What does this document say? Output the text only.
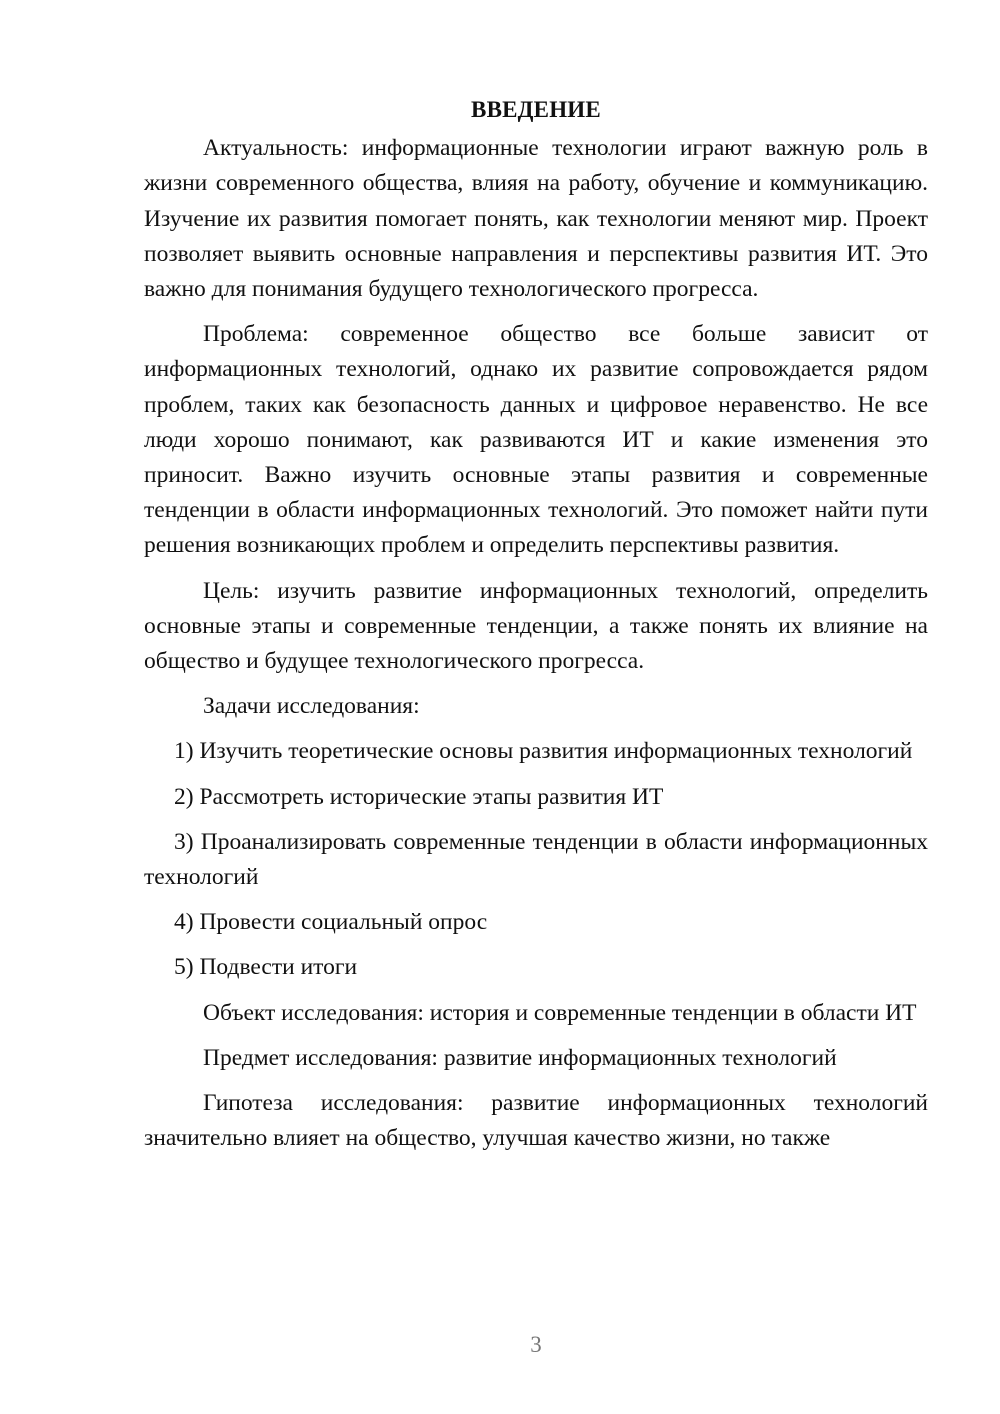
ВВЕДЕНИЕ

Актуальность: информационные технологии играют важную роль в жизни современного общества, влияя на работу, обучение и коммуникацию. Изучение их развития помогает понять, как технологии меняют мир. Проект позволяет выявить основные направления и перспективы развития ИТ. Это важно для понимания будущего технологического прогресса.

Проблема: современное общество все больше зависит от информационных технологий, однако их развитие сопровождается рядом проблем, таких как безопасность данных и цифровое неравенство. Не все люди хорошо понимают, как развиваются ИТ и какие изменения это приносит. Важно изучить основные этапы развития и современные тенденции в области информационных технологий. Это поможет найти пути решения возникающих проблем и определить перспективы развития.

Цель: изучить развитие информационных технологий, определить основные этапы и современные тенденции, а также понять их влияние на общество и будущее технологического прогресса.

Задачи исследования:

1) Изучить теоретические основы развития информационных технологий

2) Рассмотреть исторические этапы развития ИТ

3) Проанализировать современные тенденции в области информационных технологий

4) Провести социальный опрос

5) Подвести итоги

Объект исследования: история и современные тенденции в области ИТ

Предмет исследования: развитие информационных технологий

Гипотеза исследования: развитие информационных технологий значительно влияет на общество, улучшая качество жизни, но также

3
